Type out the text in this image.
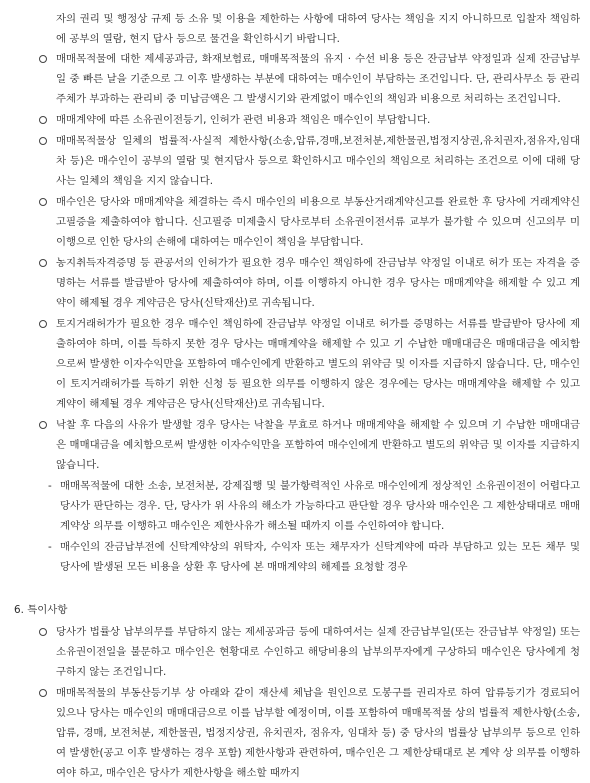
자의 권리 및 행정상 규제 등 소유 및 이용을 제한하는 사항에 대하여 당사는 책임을 지지 아니하므로 입찰자 책임하에 공부의 열람, 현지 답사 등으로 물건을 확인하시기 바랍니다.

매매목적물에 대한 제세공과금, 화재보험료, 매매목적물의 유지 · 수선 비용 등은 잔금납부 약정일과 실제 잔금납부일 중 빠른 날을 기준으로 그 이후 발생하는 부분에 대하여는 매수인이 부담하는 조건입니다. 단, 관리사무소 등 관리주체가 부과하는 관리비 중 미납금액은 그 발생시기와 관계없이 매수인의 책임과 비용으로 처리하는 조건입니다.
매매계약에 따른 소유권이전등기, 인허가 관련 비용과 책임은 매수인이 부담합니다.
매매목적물상 일체의 법률적·사실적 제한사항(소송,압류,경매,보전처분,제한물권,법정지상권,유치권자,점유자,임대차 등)은 매수인이 공부의 열람 및 현지답사 등으로 확인하시고 매수인의 책임으로 처리하는 조건으로 이에 대해 당사는 일체의 책임을 지지 않습니다.
매수인은 당사와 매매계약을 체결하는 즉시 매수인의 비용으로 부동산거래계약신고를 완료한 후 당사에 거래계약신고필증을 제출하여야 합니다. 신고필증 미제출시 당사로부터 소유권이전서류 교부가 불가할 수 있으며 신고의무 미이행으로 인한 당사의 손해에 대하여는 매수인이 책임을 부담합니다.
농지취득자격증명 등 관공서의 인허가가 필요한 경우 매수인 책임하에 잔금납부 약정일 이내로 허가 또는 자격을 증명하는 서류를 발급받아 당사에 제출하여야 하며, 이를 이행하지 아니한 경우 당사는 매매계약을 해제할 수 있고 계약이 해제될 경우 계약금은 당사(신탁재산)로 귀속됩니다.
토지거래허가가 필요한 경우 매수인 책임하에 잔금납부 약정일 이내로 허가를 증명하는 서류를 발급받아 당사에 제출하여야 하며, 이를 득하지 못한 경우 당사는 매매계약을 해제할 수 있고 기 수납한 매매대금은 매매대금을 예치함으로써 발생한 이자수익만을 포함하여 매수인에게 반환하고 별도의 위약금 및 이자를 지급하지 않습니다. 단, 매수인이 토지거래허가를 득하기 위한 신청 등 필요한 의무를 이행하지 않은 경우에는 당사는 매매계약을 해제할 수 있고 계약이 해제될 경우 계약금은 당사(신탁재산)로 귀속됩니다.
낙찰 후 다음의 사유가 발생할 경우 당사는 낙찰을 무효로 하거나 매매계약을 해제할 수 있으며 기 수납한 매매대금은 매매대금을 예치함으로써 발생한 이자수익만을 포함하여 매수인에게 반환하고 별도의 위약금 및 이자를 지급하지 않습니다.
- 매매목적물에 대한 소송, 보전처분, 강제집행 및 불가항력적인 사유로 매수인에게 정상적인 소유권이전이 어렵다고 당사가 판단하는 경우. 단, 당사가 위 사유의 해소가 가능하다고 판단할 경우 당사와 매수인은 그 제한상태대로 매매계약상 의무를 이행하고 매수인은 제한사유가 해소될 때까지 이를 수인하여야 합니다.
- 매수인의 잔금납부전에 신탁계약상의 위탁자, 수익자 또는 채무자가 신탁계약에 따라 부담하고 있는 모든 채무 및 당사에 발생된 모든 비용을 상환 후 당사에 본 매매계약의 해제를 요청할 경우
6. 특이사항
당사가 법률상 납부의무를 부담하지 않는 제세공과금 등에 대하여서는 실제 잔금납부일(또는 잔금납부 약정일) 또는 소유권이전일을 불문하고 매수인은 현황대로 수인하고 해당비용의 납부의무자에게 구상하되 매수인은 당사에게 청구하지 않는 조건입니다.
매매목적물의 부동산등기부 상 아래와 같이 재산세 체납을 원인으로 도봉구를 권리자로 하여 압류등기가 경료되어 있으나 당사는 매수인의 매매대금으로 이를 납부할 예정이며, 이를 포함하여 매매목적물 상의 법률적 제한사항(소송, 압류, 경매, 보전처분, 제한물권, 법정지상권, 유치권자, 점유자, 임대차 등) 중 당사의 법률상 납부의무 등으로 인하여 발생한(공고 이후 발생하는 경우 포함) 제한사항과 관련하여, 매수인은 그 제한상태대로 본 계약 상 의무를 이행하여야 하고, 매수인은 당사가 제한사항을 해소할 때까지
